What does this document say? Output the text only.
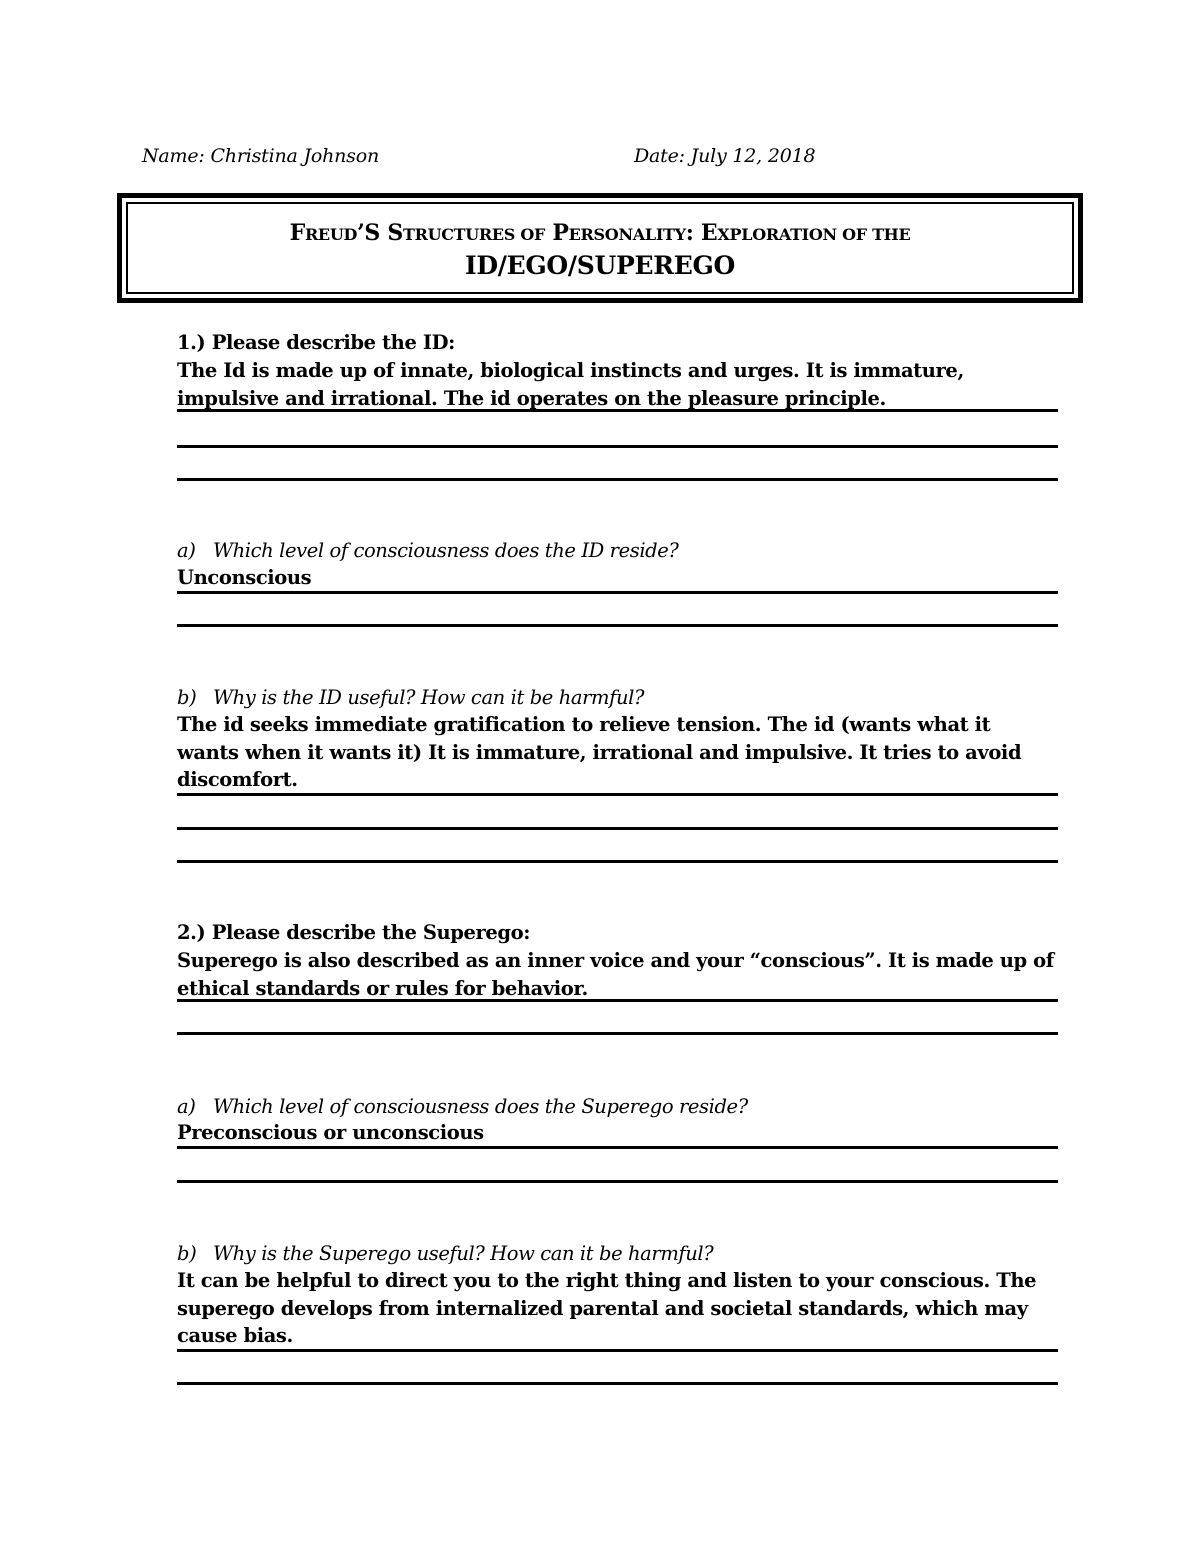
Name: Christina Johnson	Date: July 12, 2018
FREUD’S STRUCTURES OF PERSONALITY: EXPLORATION OF THE
ID/EGO/SUPEREGO
1.) Please describe the ID:
The Id is made up of innate, biological instincts and urges. It is immature, impulsive and irrational. The id operates on the pleasure principle.
a) Which level of consciousness does the ID reside?
Unconscious
b) Why is the ID useful? How can it be harmful?
The id seeks immediate gratification to relieve tension. The id (wants what it wants when it wants it) It is immature, irrational and impulsive. It tries to avoid discomfort.
2.) Please describe the Superego:
Superego is also described as an inner voice and your “conscious”. It is made up of ethical standards or rules for behavior.
a) Which level of consciousness does the Superego reside?
Preconscious or unconscious
b) Why is the Superego useful? How can it be harmful?
It can be helpful to direct you to the right thing and listen to your conscious. The superego develops from internalized parental and societal standards, which may cause bias.
